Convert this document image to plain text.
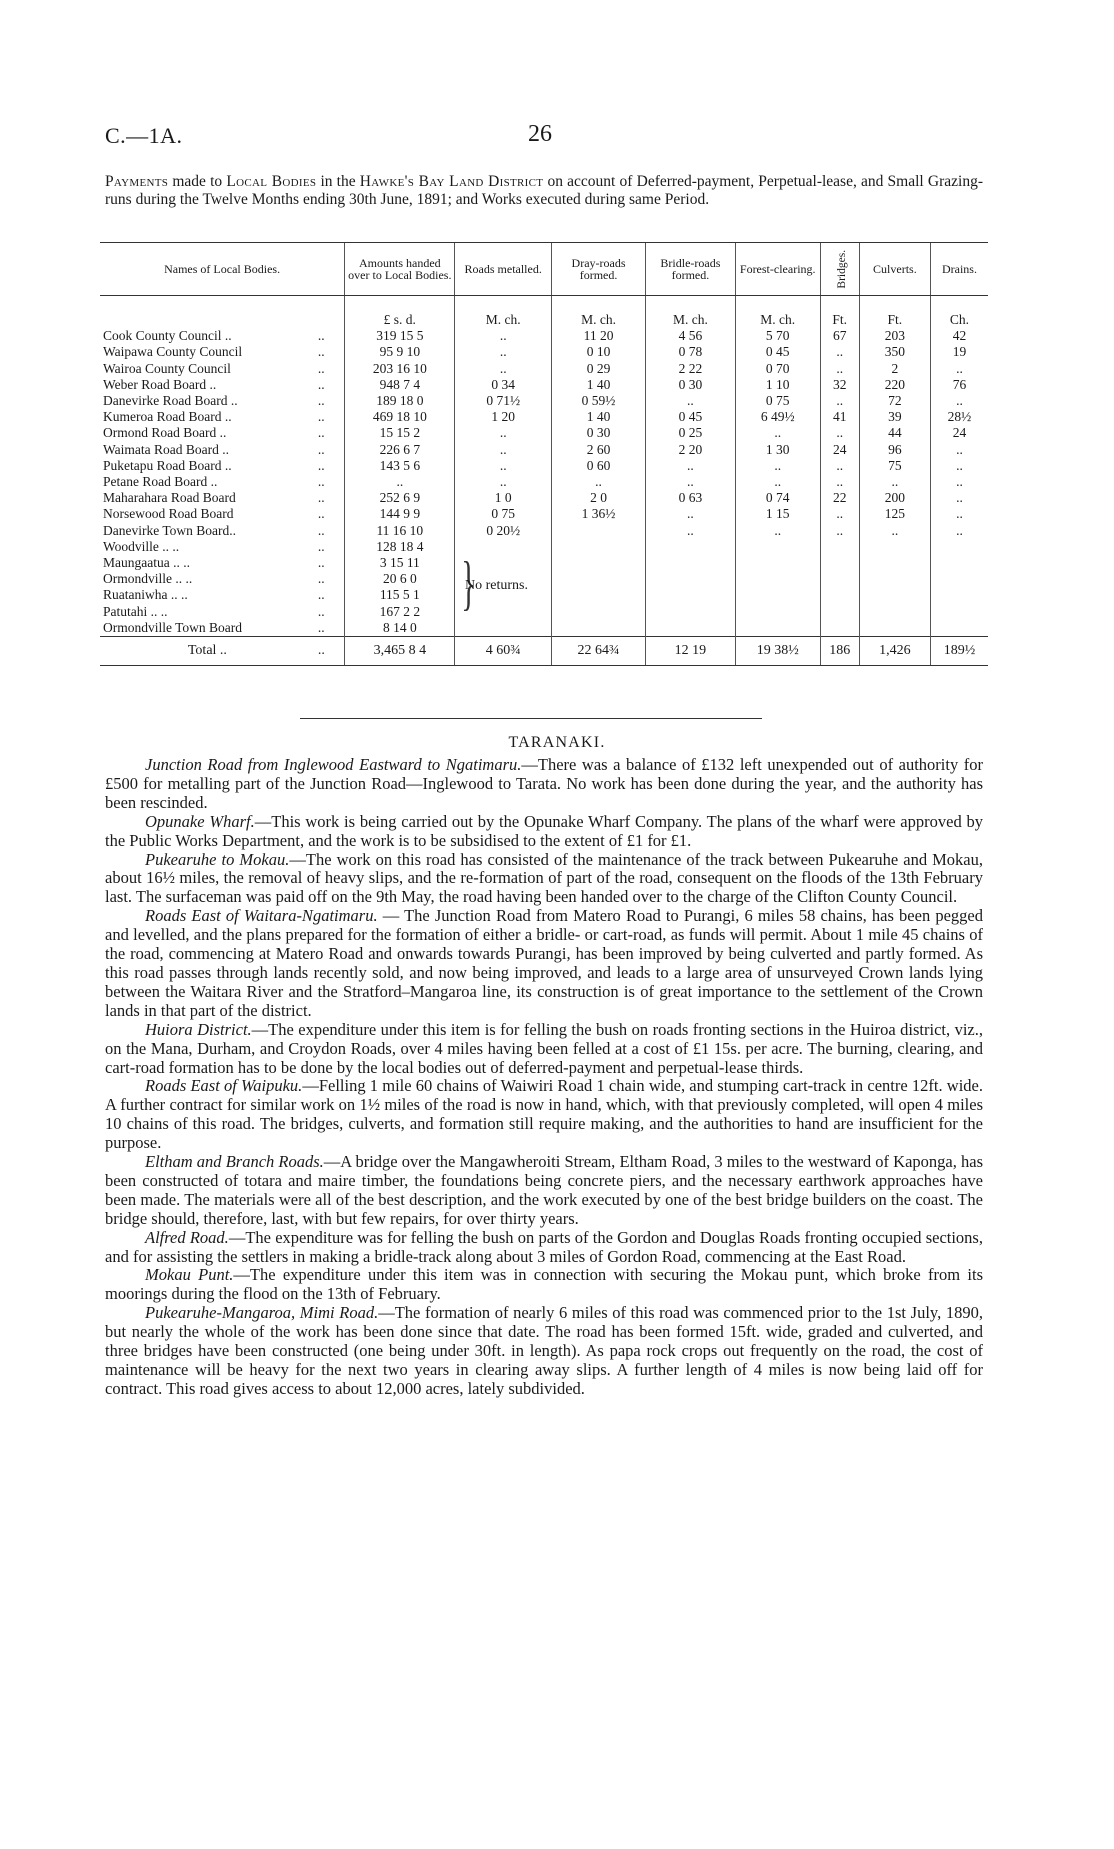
C.—1A.	26
Payments made to Local Bodies in the Hawke's Bay Land District on account of Deferred-payment, Perpetual-lease, and Small Grazing-runs during the Twelve Months ending 30th June, 1891; and Works executed during same Period.
Names of Local Bodies.		Amounts handed over to Local Bodies.	Roads metalled.	Dray-roads formed.	Bridle-roads formed.	Forest-clearing.	Bridges.	Culverts.	Drains.
		£ s. d.	M. ch.	M. ch.	M. ch.	M. ch.	Ft.	Ft.	Ch.
Cook County Council ..	..	319 15 5	..	11 20	4 56	5 70	67	203	42
Waipawa County Council	..	95 9 10	..	0 10	0 78	0 45	..	350	19
Wairoa County Council	..	203 16 10	..	0 29	2 22	0 70	..	2	..
Weber Road Board ..	..	948 7 4	0 34	1 40	0 30	1 10	32	220	76
Danevirke Road Board ..	..	189 18 0	0 71½	0 59½	..	0 75	..	72	..
Kumeroa Road Board ..	..	469 18 10	1 20	1 40	0 45	6 49½	41	39	28½
Ormond Road Board ..	..	15 15 2	..	0 30	0 25	..	..	44	24
Waimata Road Board ..	..	226 6 7	..	2 60	2 20	1 30	24	96	..
Puketapu Road Board ..	..	143 5 6	..	0 60	..	..	..	75	..
Petane Road Board ..	..	..	..	..	..	..	..	..	..
Maharahara Road Board	..	252 6 9	1 0	2 0	0 63	0 74	22	200	..
Norsewood Road Board	..	144 9 9	0 75	1 36½	..	1 15	..	125	..
Danevirke Town Board..	..	11 16 10	0 20½		..	..	..	..	..
Woodville .. ..	..	128 18 4							
Maungaatua .. ..	..	3 15 11							
Ormondville .. ..	..	20 6 0							
Ruataniwha .. ..	..	115 5 1							
Patutahi .. ..	..	167 2 2							
Ormondville Town Board	..	8 14 0							
Total ..	..	3,465 8 4	4 60¾	22 64¾	12 19	19 38½	186	1,426	189½
}
No returns.
TARANAKI.

Junction Road from Inglewood Eastward to Ngatimaru.—There was a balance of £132 left unexpended out of authority for £500 for metalling part of the Junction Road—Inglewood to Tarata. No work has been done during the year, and the authority has been rescinded.

Opunake Wharf.—This work is being carried out by the Opunake Wharf Company. The plans of the wharf were approved by the Public Works Department, and the work is to be subsidised to the extent of £1 for £1.

Pukearuhe to Mokau.—The work on this road has consisted of the maintenance of the track between Pukearuhe and Mokau, about 16½ miles, the removal of heavy slips, and the re-formation of part of the road, consequent on the floods of the 13th February last. The surfaceman was paid off on the 9th May, the road having been handed over to the charge of the Clifton County Council.

Roads East of Waitara-Ngatimaru. — The Junction Road from Matero Road to Purangi, 6 miles 58 chains, has been pegged and levelled, and the plans prepared for the formation of either a bridle- or cart-road, as funds will permit. About 1 mile 45 chains of the road, commencing at Matero Road and onwards towards Purangi, has been improved by being culverted and partly formed. As this road passes through lands recently sold, and now being improved, and leads to a large area of unsurveyed Crown lands lying between the Waitara River and the Stratford–Mangaroa line, its construction is of great importance to the settlement of the Crown lands in that part of the district.

Huiora District.—The expenditure under this item is for felling the bush on roads fronting sections in the Huiroa district, viz., on the Mana, Durham, and Croydon Roads, over 4 miles having been felled at a cost of £1 15s. per acre. The burning, clearing, and cart-road formation has to be done by the local bodies out of deferred-payment and perpetual-lease thirds.

Roads East of Waipuku.—Felling 1 mile 60 chains of Waiwiri Road 1 chain wide, and stumping cart-track in centre 12ft. wide. A further contract for similar work on 1½ miles of the road is now in hand, which, with that previously completed, will open 4 miles 10 chains of this road. The bridges, culverts, and formation still require making, and the authorities to hand are insufficient for the purpose.

Eltham and Branch Roads.—A bridge over the Mangawheroiti Stream, Eltham Road, 3 miles to the westward of Kaponga, has been constructed of totara and maire timber, the foundations being concrete piers, and the necessary earthwork approaches have been made. The materials were all of the best description, and the work executed by one of the best bridge builders on the coast. The bridge should, therefore, last, with but few repairs, for over thirty years.

Alfred Road.—The expenditure was for felling the bush on parts of the Gordon and Douglas Roads fronting occupied sections, and for assisting the settlers in making a bridle-track along about 3 miles of Gordon Road, commencing at the East Road.

Mokau Punt.—The expenditure under this item was in connection with securing the Mokau punt, which broke from its moorings during the flood on the 13th of February.

Pukearuhe-Mangaroa, Mimi Road.—The formation of nearly 6 miles of this road was commenced prior to the 1st July, 1890, but nearly the whole of the work has been done since that date. The road has been formed 15ft. wide, graded and culverted, and three bridges have been constructed (one being under 30ft. in length). As papa rock crops out frequently on the road, the cost of maintenance will be heavy for the next two years in clearing away slips. A further length of 4 miles is now being laid off for contract. This road gives access to about 12,000 acres, lately subdivided.
